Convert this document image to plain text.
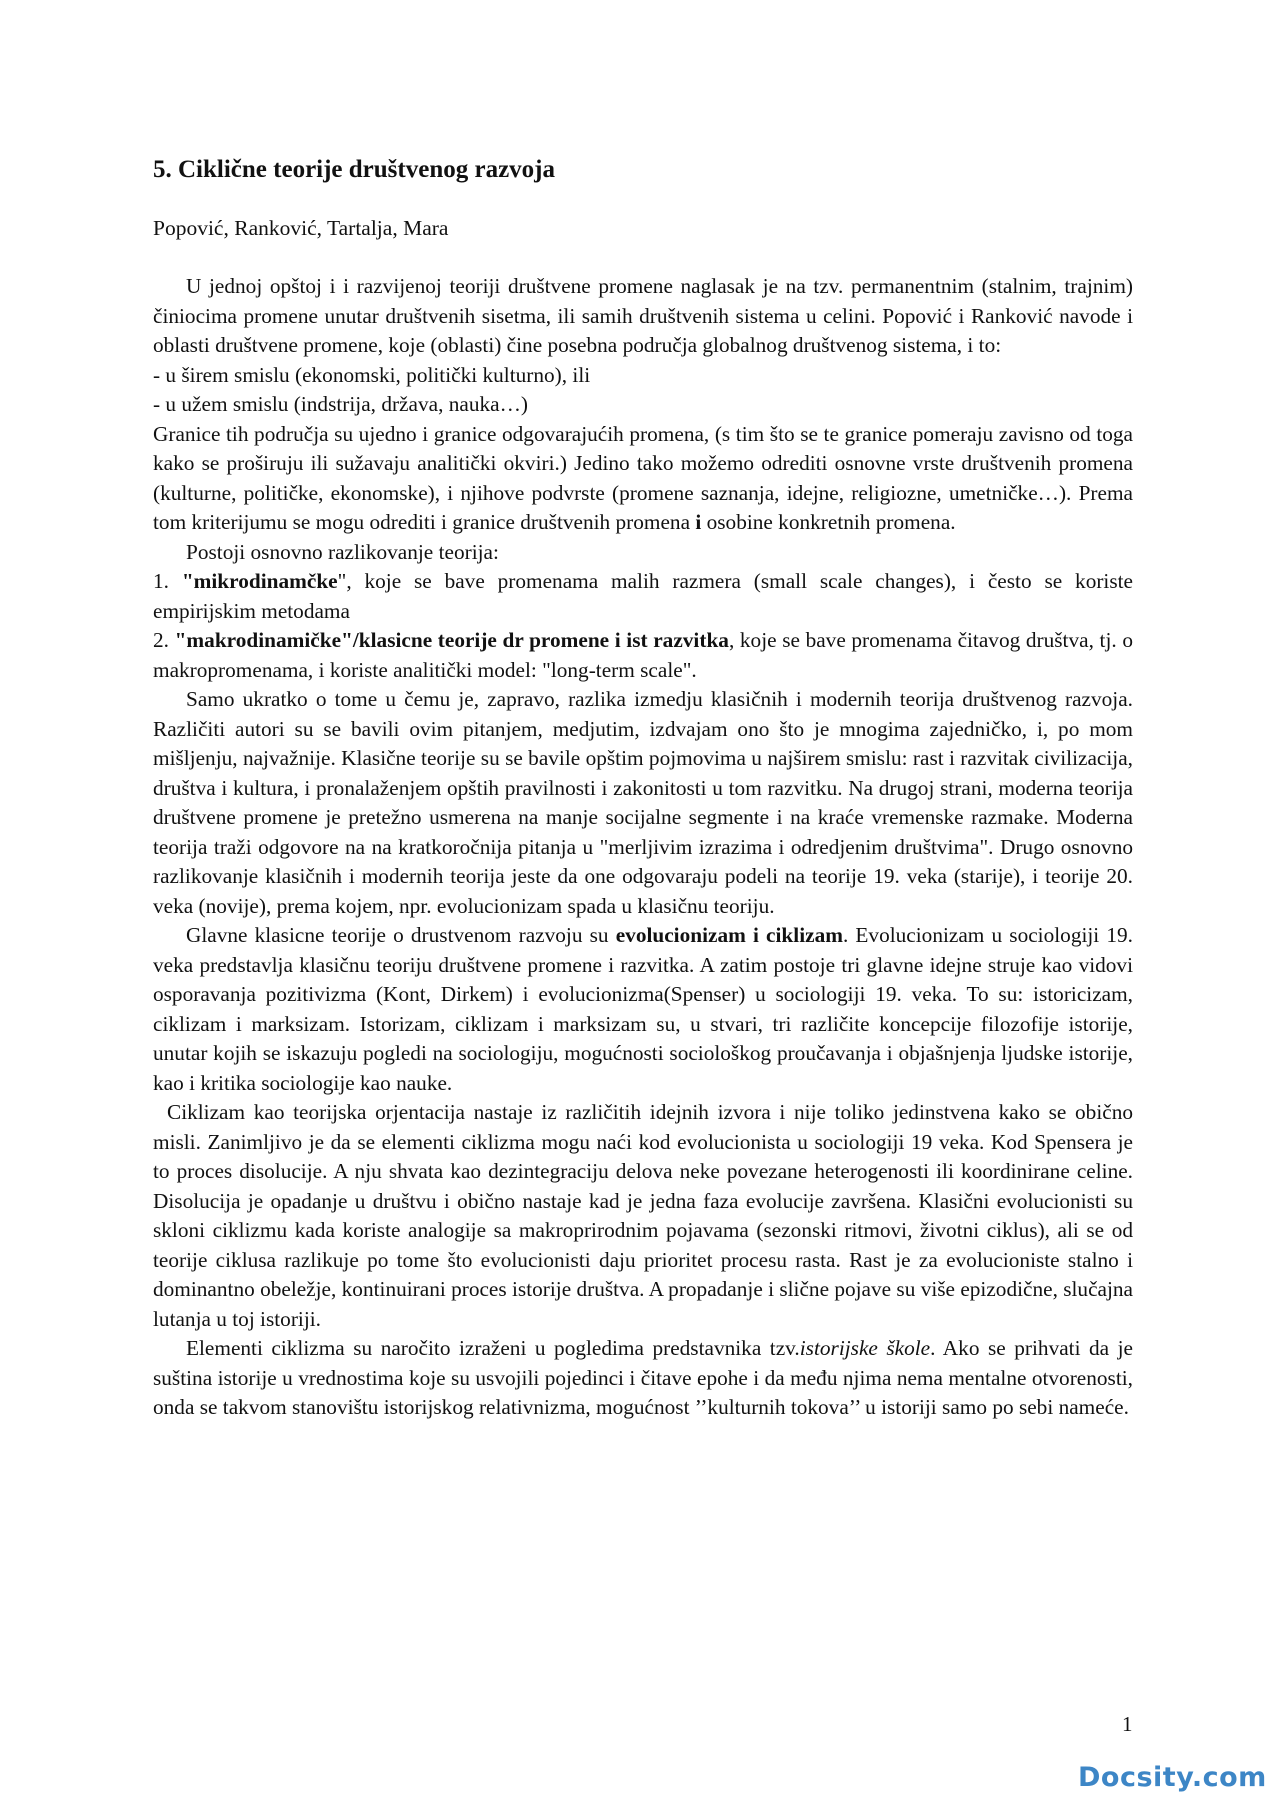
5. Ciklične teorije društvenog razvoja
Popović, Ranković, Tartalja, Mara

U jednoj opštoj i i razvijenoj teoriji društvene promene naglasak je na tzv. permanentnim (stalnim, trajnim) činiocima promene unutar društvenih sisetma, ili samih društvenih sistema u celini. Popović i Ranković navode i oblasti društvene promene, koje (oblasti) čine posebna područja globalnog društvenog sistema, i to:

- u širem smislu (ekonomski, politički kulturno), ili

- u užem smislu (indstrija, država, nauka…)

Granice tih područja su ujedno i granice odgovarajućih promena, (s tim što se te granice pomeraju zavisno od toga kako se proširuju ili sužavaju analitički okviri.) Jedino tako možemo odrediti osnovne vrste društvenih promena (kulturne, političke, ekonomske), i njihove podvrste (promene saznanja, idejne, religiozne, umetničke…). Prema tom kriterijumu se mogu odrediti i granice društvenih promena i osobine konkretnih promena.

Postoji osnovno razlikovanje teorija:

1. "mikrodinamčke", koje se bave promenama malih razmera (small scale changes), i često se koriste empirijskim metodama

2. "makrodinamičke"/klasicne teorije dr promene i ist razvitka, koje se bave promenama čitavog društva, tj. o makropromenama, i koriste analitički model: "long-term scale".

Samo ukratko o tome u čemu je, zapravo, razlika izmedju klasičnih i modernih teorija društvenog razvoja. Različiti autori su se bavili ovim pitanjem, medjutim, izdvajam ono što je mnogima zajedničko, i, po mom mišljenju, najvažnije. Klasične teorije su se bavile opštim pojmovima u najširem smislu: rast i razvitak civilizacija, društva i kultura, i pronalaženjem opštih pravilnosti i zakonitosti u tom razvitku. Na drugoj strani, moderna teorija društvene promene je pretežno usmerena na manje socijalne segmente i na kraće vremenske razmake. Moderna teorija traži odgovore na na kratkoročnija pitanja u "merljivim izrazima i odredjenim društvima". Drugo osnovno razlikovanje klasičnih i modernih teorija jeste da one odgovaraju podeli na teorije 19. veka (starije), i teorije 20. veka (novije), prema kojem, npr. evolucionizam spada u klasičnu teoriju.

Glavne klasicne teorije o drustvenom razvoju su evolucionizam i ciklizam. Evolucionizam u sociologiji 19. veka predstavlja klasičnu teoriju društvene promene i razvitka. A zatim postoje tri glavne idejne struje kao vidovi osporavanja pozitivizma (Kont, Dirkem) i evolucionizma(Spenser) u sociologiji 19. veka. To su: istoricizam, ciklizam i marksizam. Istorizam, ciklizam i marksizam su, u stvari, tri različite koncepcije filozofije istorije, unutar kojih se iskazuju pogledi na sociologiju, mogućnosti sociološkog proučavanja i objašnjenja ljudske istorije, kao i kritika sociologije kao nauke.

Ciklizam kao teorijska orjentacija nastaje iz različitih idejnih izvora i nije toliko jedinstvena kako se obično misli. Zanimljivo je da se elementi ciklizma mogu naći kod evolucionista u sociologiji 19 veka. Kod Spensera je to proces disolucije. A nju shvata kao dezintegraciju delova neke povezane heterogenosti ili koordinirane celine. Disolucija je opadanje u društvu i obično nastaje kad je jedna faza evolucije završena. Klasični evolucionisti su skloni ciklizmu kada koriste analogije sa makroprirodnim pojavama (sezonski ritmovi, životni ciklus), ali se od teorije ciklusa razlikuje po tome što evolucionisti daju prioritet procesu rasta. Rast je za evolucioniste stalno i dominantno obeležje, kontinuirani proces istorije društva. A propadanje i slične pojave su više epizodične, slučajna lutanja u toj istoriji.

Elementi ciklizma su naročito izraženi u pogledima predstavnika tzv.istorijske škole. Ako se prihvati da je suština istorije u vrednostima koje su usvojili pojedinci i čitave epohe i da među njima nema mentalne otvorenosti, onda se takvom stanovištu istorijskog relativnizma, mogućnost ’’kulturnih tokova’’ u istoriji samo po sebi nameće.

1
Docsity.com
